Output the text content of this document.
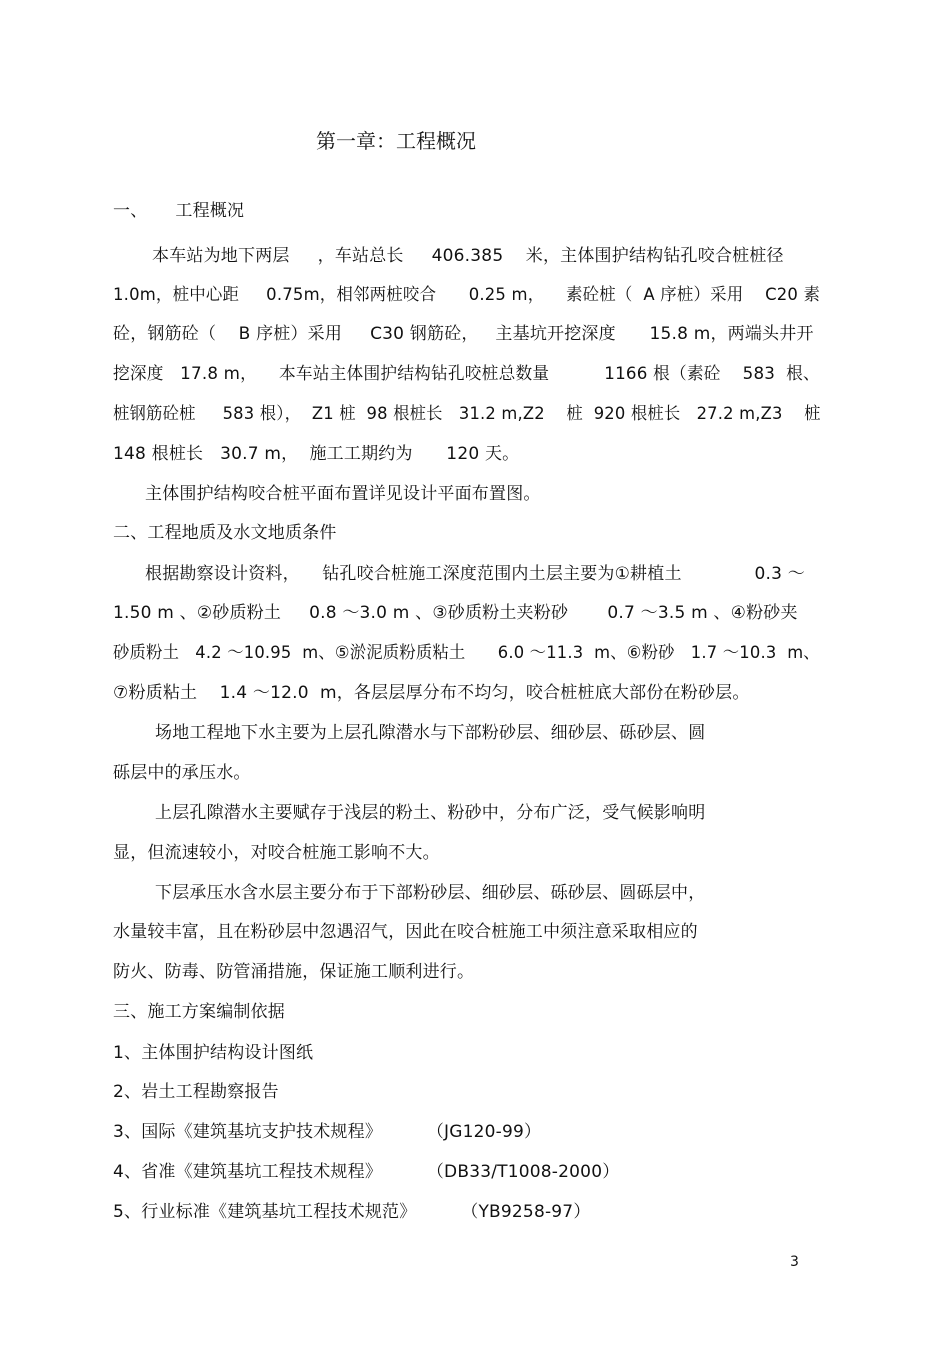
第一章：工程概况
一、     工程概况
本车站为地下两层     ，车站总长     406.385    米，主体围护结构钻孔咬合桩桩径
1.0m，桩中心距     0.75m，相邻两桩咬合      0.25 m，    素砼桩（  A 序桩）采用    C20 素
砼，钢筋砼（    B 序桩）采用     C30 钢筋砼，   主基坑开挖深度      15.8 m，两端头井开
挖深度   17.8 m，    本车站主体围护结构钻孔咬桩总数量          1166 根（素砼    583  根、
桩钢筋砼桩     583 根），  Z1 桩  98 根桩长   31.2 m,Z2    桩  920 根桩长   27.2 m,Z3    桩
148 根桩长   30.7 m，  施工工期约为      120 天。
主体围护结构咬合桩平面布置详见设计平面布置图。
二、工程地质及水文地质条件
根据勘察设计资料，    钻孔咬合桩施工深度范围内土层主要为①耕植土             0.3 ～
1.50 m 、②砂质粉土     0.8 ～3.0 m 、③砂质粉土夹粉砂       0.7 ～3.5 m 、④粉砂夹
砂质粉土   4.2 ～10.95  m、⑤淤泥质粉质粘土      6.0 ～11.3  m、⑥粉砂   1.7 ～10.3  m、
⑦粉质粘土    1.4 ～12.0  m，各层层厚分布不均匀，咬合桩桩底大部份在粉砂层。
场地工程地下水主要为上层孔隙潜水与下部粉砂层、细砂层、砾砂层、圆
砾层中的承压水。
上层孔隙潜水主要赋存于浅层的粉土、粉砂中，分布广泛，受气候影响明
显，但流速较小，对咬合桩施工影响不大。
下层承压水含水层主要分布于下部粉砂层、细砂层、砾砂层、圆砾层中，
水量较丰富，且在粉砂层中忽遇沼气，因此在咬合桩施工中须注意采取相应的
防火、防毒、防管涌措施，保证施工顺利进行。
三、施工方案编制依据
1、主体围护结构设计图纸
2、岩土工程勘察报告
3、国际《建筑基坑支护技术规程》        （JG120-99）
4、省准《建筑基坑工程技术规程》        （DB33/T1008-2000）
5、行业标准《建筑基坑工程技术规范》        （YB9258-97）
3
